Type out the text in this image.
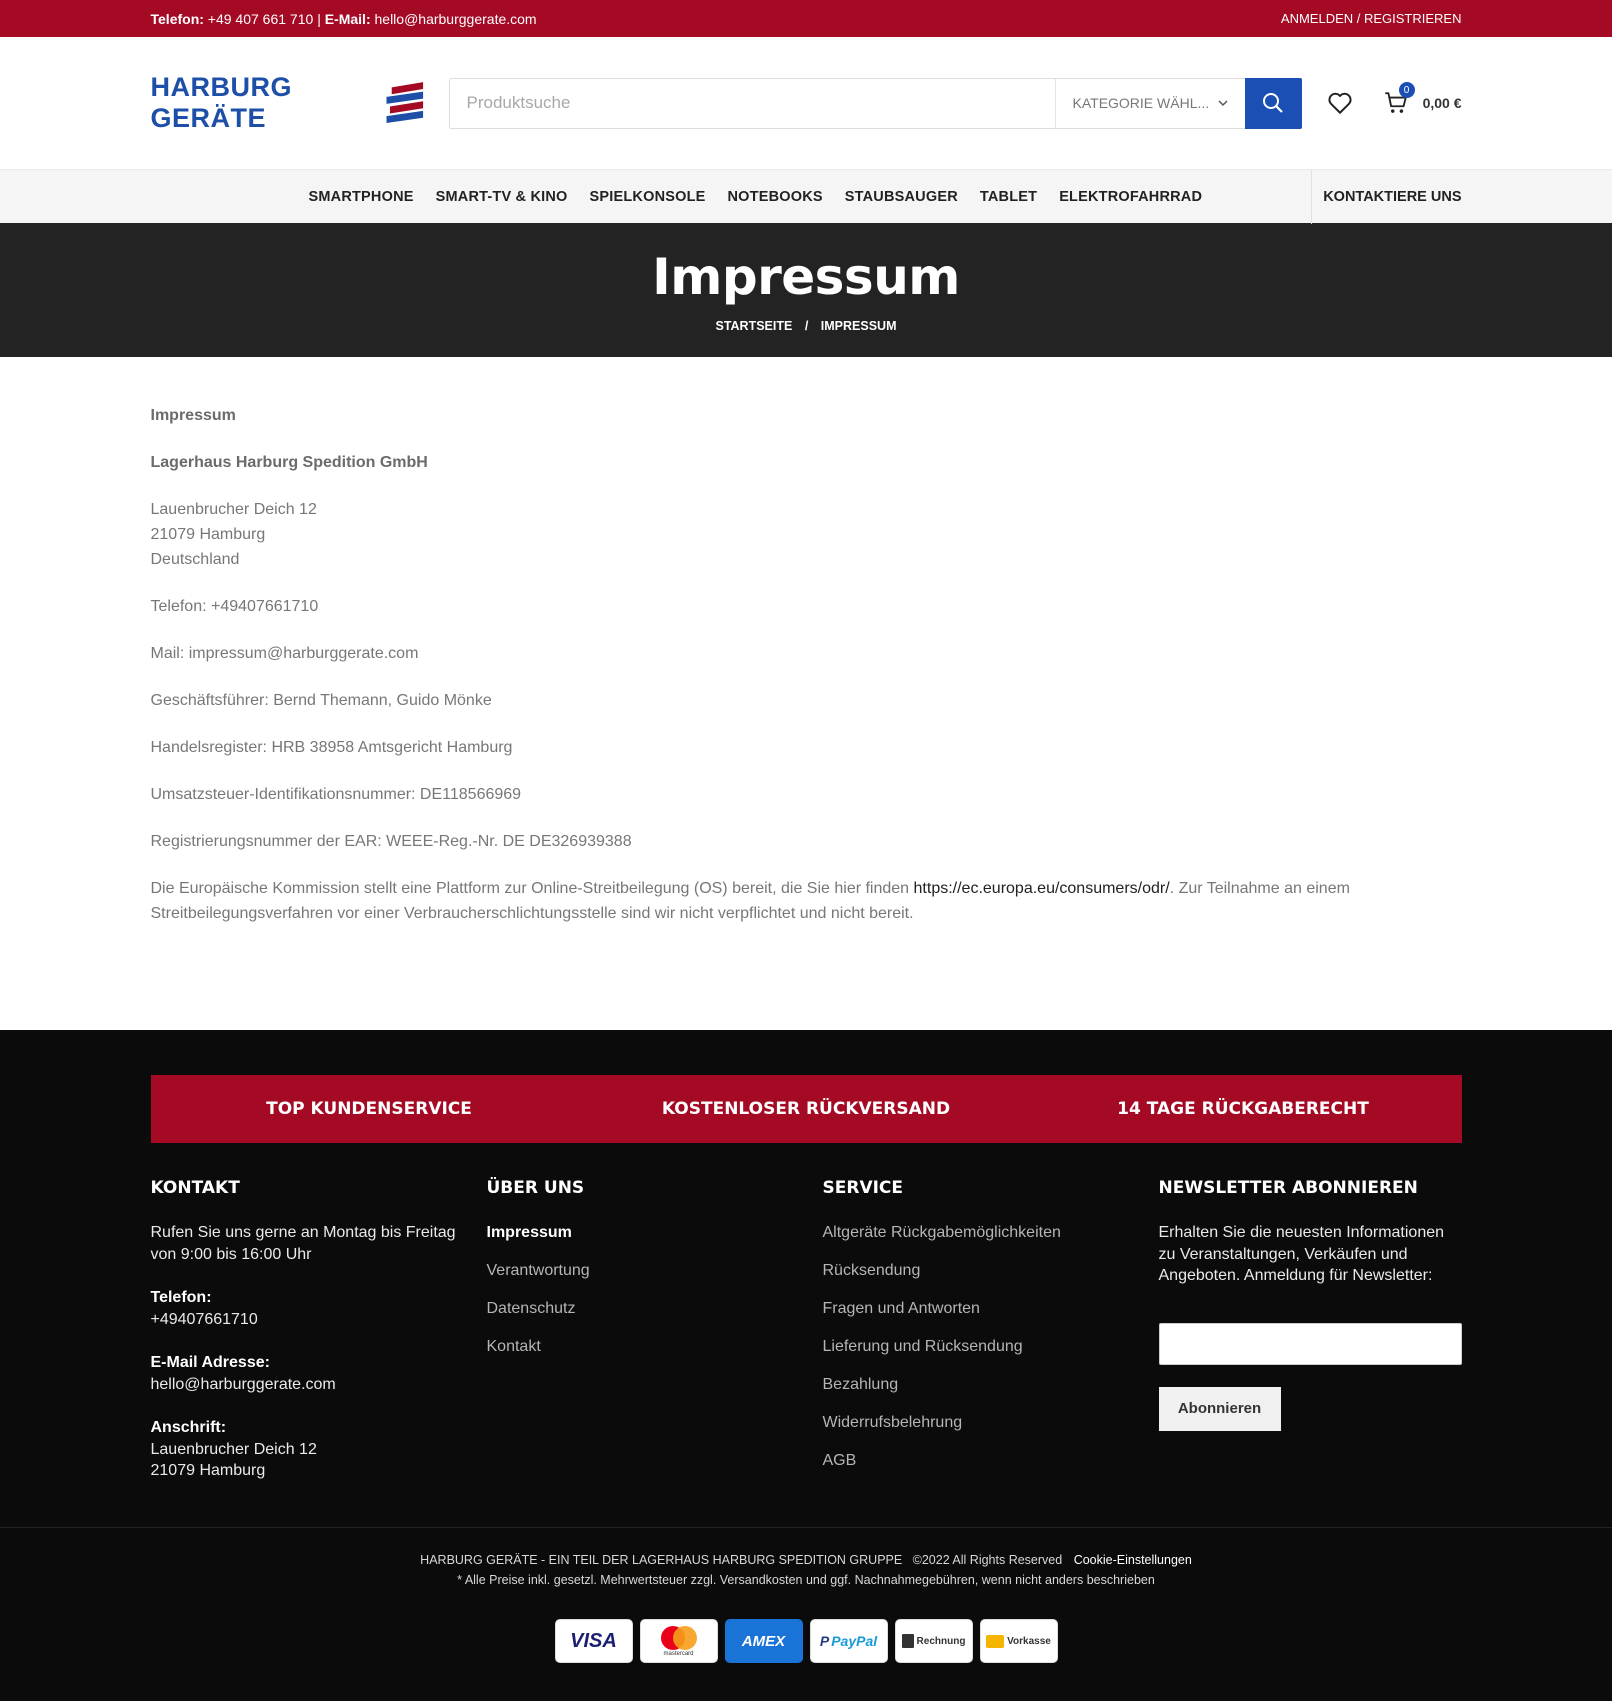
Telefon: +49 407 661 710 | E-Mail: hello@harburggerate.com	ANMELDEN / REGISTRIEREN
HARBURG GERÄTE
Produktsuche	KATEGORIE WÄHL...
0
0,00 €
SMARTPHONE SMART-TV & KINO SPIELKONSOLE NOTEBOOKS STAUBSAUGER TABLET ELEKTROFAHRRAD	KONTAKTIERE UNS
Impressum
STARTSEITE / IMPRESSUM

Impressum

Lagerhaus Harburg Spedition GmbH

Lauenbrucher Deich 12
21079 Hamburg
Deutschland

Telefon: +49407661710

Mail: impressum@harburggerate.com

Geschäftsführer: Bernd Themann, Guido Mönke

Handelsregister: HRB 38958 Amtsgericht Hamburg

Umsatzsteuer-Identifikationsnummer: DE118566969

Registrierungsnummer der EAR: WEEE-Reg.-Nr. DE DE326939388

Die Europäische Kommission stellt eine Plattform zur Online-Streitbeilegung (OS) bereit, die Sie hier finden https://ec.europa.eu/consumers/odr/. Zur Teilnahme an einem Streitbeilegungsverfahren vor einer Verbraucherschlichtungsstelle sind wir nicht verpflichtet und nicht bereit.

TOP KUNDENSERVICE	KOSTENLOSER RÜCKVERSAND	14 TAGE RÜCKGABERECHT
KONTAKT
Rufen Sie uns gerne an Montag bis Freitag von 9:00 bis 16:00 Uhr
Telefon:
+49407661710
E-Mail Adresse:
hello@harburggerate.com
Anschrift:
Lauenbrucher Deich 12
21079 Hamburg
ÜBER UNS
Impressum
Verantwortung
Datenschutz
Kontakt
SERVICE
Altgeräte Rückgabemöglichkeiten
Rücksendung
Fragen und Antworten
Lieferung und Rücksendung
Bezahlung
Widerrufsbelehrung
AGB
NEWSLETTER ABONNIEREN
Erhalten Sie die neuesten Informationen zu Veranstaltungen, Verkäufen und Angeboten. Anmeldung für Newsletter:
Abonnieren
HARBURG GERÄTE - EIN TEIL DER LAGERHAUS HARBURG SPEDITION GRUPPE   ©2022 All Rights Reserved Cookie-Einstellungen
* Alle Preise inkl. gesetzl. Mehrwertsteuer zzgl. Versandkosten und ggf. Nachnahmegebühren, wenn nicht anders beschrieben
VISA
mastercard
AMEX P PayPal	Rechnung	Vorkasse
